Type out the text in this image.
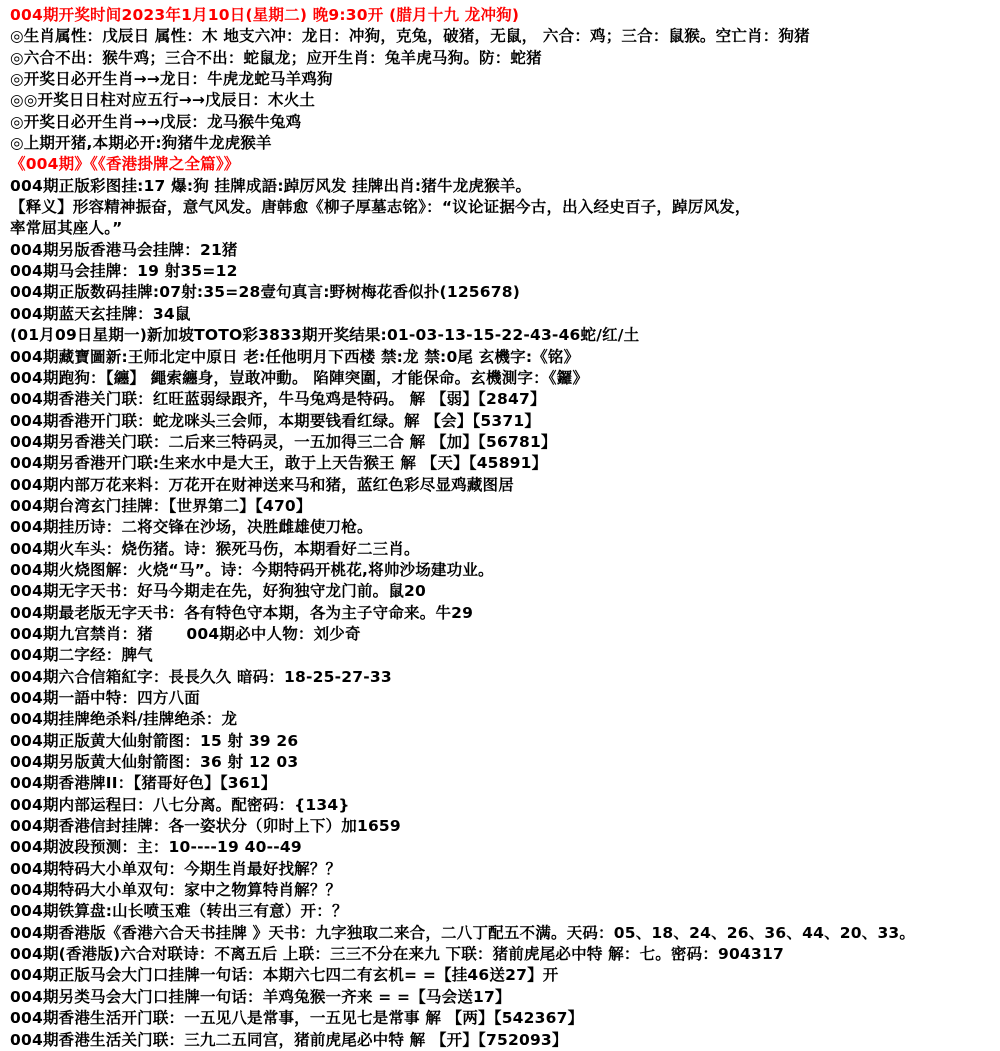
004期开奖时间2023年1月10日(星期二) 晚9:30开 (腊月十九 龙冲狗)
◎生肖属性：戊辰日 属性：木 地支六冲：龙日：冲狗，克兔，破猪，无鼠， 六合：鸡；三合：鼠猴。空亡肖：狗猪
◎六合不出：猴牛鸡；三合不出：蛇鼠龙；应开生肖：兔羊虎马狗。防：蛇猪
◎开奖日必开生肖→→龙日：牛虎龙蛇马羊鸡狗
◎◎开奖日日柱对应五行→→戊辰日：木火土
◎开奖日必开生肖→→戊辰：龙马猴牛兔鸡
◎上期开猪,本期必开:狗猪牛龙虎猴羊
《004期》《《香港掛牌之全篇》》
004期正版彩图挂:17 爆:狗 挂牌成語:踔厉风发 挂牌出肖:猪牛龙虎猴羊。
【释义】形容精神振奋，意气风发。唐韩愈《柳子厚墓志铭》：“议论证据今古，出入经史百子，踔厉风发，
率常屈其座人。”
004期另版香港马会挂牌：21猪
004期马会挂牌：19 射35=12
004期正版数码挂牌:07射:35=28壹句真言:野树梅花香似扑(125678)
004期蓝天玄挂牌：34鼠
(01月09日星期一)新加坡TOTO彩3833期开奖结果:01-03-13-15-22-43-46蛇/红/土
004期藏寶圖新:王师北定中原日 老:任他明月下西楼 禁:龙 禁:0尾 玄機字:《铭》
004期跑狗：【纏】 繩索纏身，豈敢冲動。 陷陣突圍，才能保命。玄機測字：《鑼》
004期香港关门联：红旺蓝弱绿跟齐，牛马兔鸡是特码。 解 【弱】【2847】
004期香港开门联：蛇龙咪头三会师，本期要钱看红绿。解 【会】【5371】
004期另香港关门联：二后来三特码灵，一五加得三二合 解 【加】【56781】
004期另香港开门联:生来水中是大王，敢于上天告猴王 解 【天】【45891】
004期内部万花来料：万花开在财神送来马和猪，蓝红色彩尽显鸡藏图居
004期台湾玄门挂牌：【世界第二】【470】
004期挂历诗：二将交锋在沙场，决胜雌雄使刀枪。
004期火车头：烧伤猪。诗：猴死马伤，本期看好二三肖。
004期火烧图解：火烧“马”。诗：今期特码开桃花,将帅沙场建功业。
004期无字天书：好马今期走在先，好狗独守龙门前。鼠20
004期最老版无字天书：各有特色守本期，各为主子守命来。牛29
004期九宫禁肖：猪      004期必中人物：刘少奇
004期二字经：脾气
004期六合信箱紅字：長長久久 暗码：18-25-27-33
004期一語中特：四方八面
004期挂牌绝杀料/挂牌绝杀：龙
004期正版黄大仙射箭图：15 射 39 26
004期另版黄大仙射箭图：36 射 12 03
004期香港牌II：【猪哥好色】【361】
004期内部运程曰：八七分离。配密码：{134}
004期香港信封挂牌：各一姿状分（卯时上下）加1659
004期波段预测：主：10----19 40--49
004期特码大小单双句：今期生肖最好找解？？
004期特码大小单双句：家中之物算特肖解？？
004期铁算盘:山长喷玉难（转出三有意）开：？
004期香港版《香港六合天书挂牌 》天书：九字独取二来合，二八丁配五不满。天码：05、18、24、26、36、44、20、33。
004期(香港版)六合对联诗：不离五后 上联：三三不分在来九 下联：猪前虎尾必中特 解：七。密码：904317
004期正版马会大门口挂牌一句话：本期六七四二有玄机= =【挂46送27】开
004期另类马会大门口挂牌一句话：羊鸡兔猴一齐来 = =【马会送17】
004期香港生活开门联：一五见八是常事，一五见七是常事 解 【两】【542367】
004期香港生活关门联：三九二五同宫，猪前虎尾必中特 解 【开】【752093】
